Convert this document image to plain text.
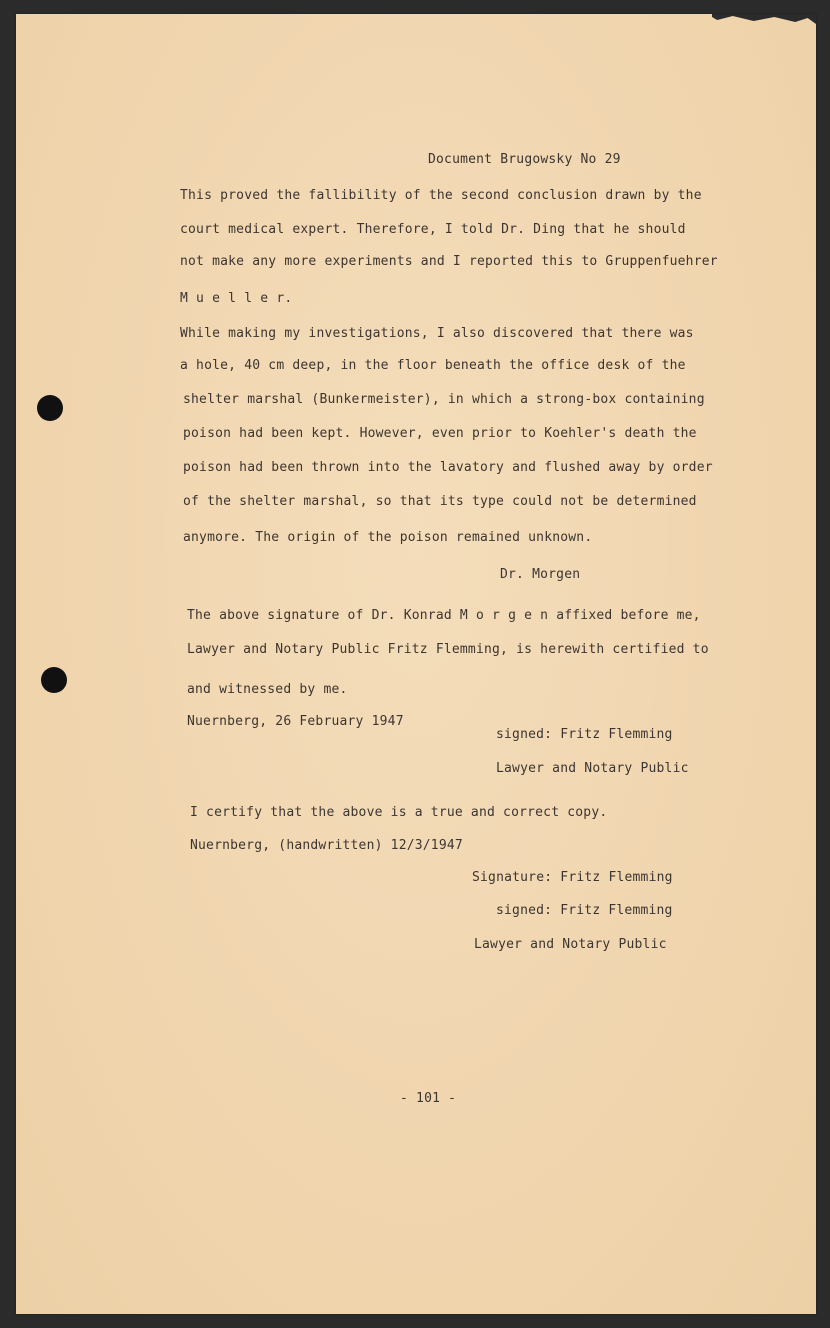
Document Brugowsky No 29
This proved the fallibility of the second conclusion drawn by the
court medical expert. Therefore, I told Dr. Ding that he should
not make any more experiments and I reported this to Gruppenfuehrer
M u e l l e r.
While making my investigations, I also discovered that there was
a hole, 40 cm deep, in the floor beneath the office desk of the
shelter marshal (Bunkermeister), in which a strong-box containing
poison had been kept. However, even prior to Koehler's death the
poison had been thrown into the lavatory and flushed away by order
of the shelter marshal, so that its type could not be determined
anymore. The origin of the poison remained unknown.
Dr. Morgen
The above signature of Dr. Konrad M o r g e n affixed before me,
Lawyer and Notary Public Fritz Flemming, is herewith certified to
and witnessed by me.
Nuernberg, 26 February 1947
signed: Fritz Flemming
Lawyer and Notary Public
I certify that the above is a true and correct copy.
Nuernberg, (handwritten) 12/3/1947
Signature: Fritz Flemming
signed: Fritz Flemming
Lawyer and Notary Public
- 101 -
